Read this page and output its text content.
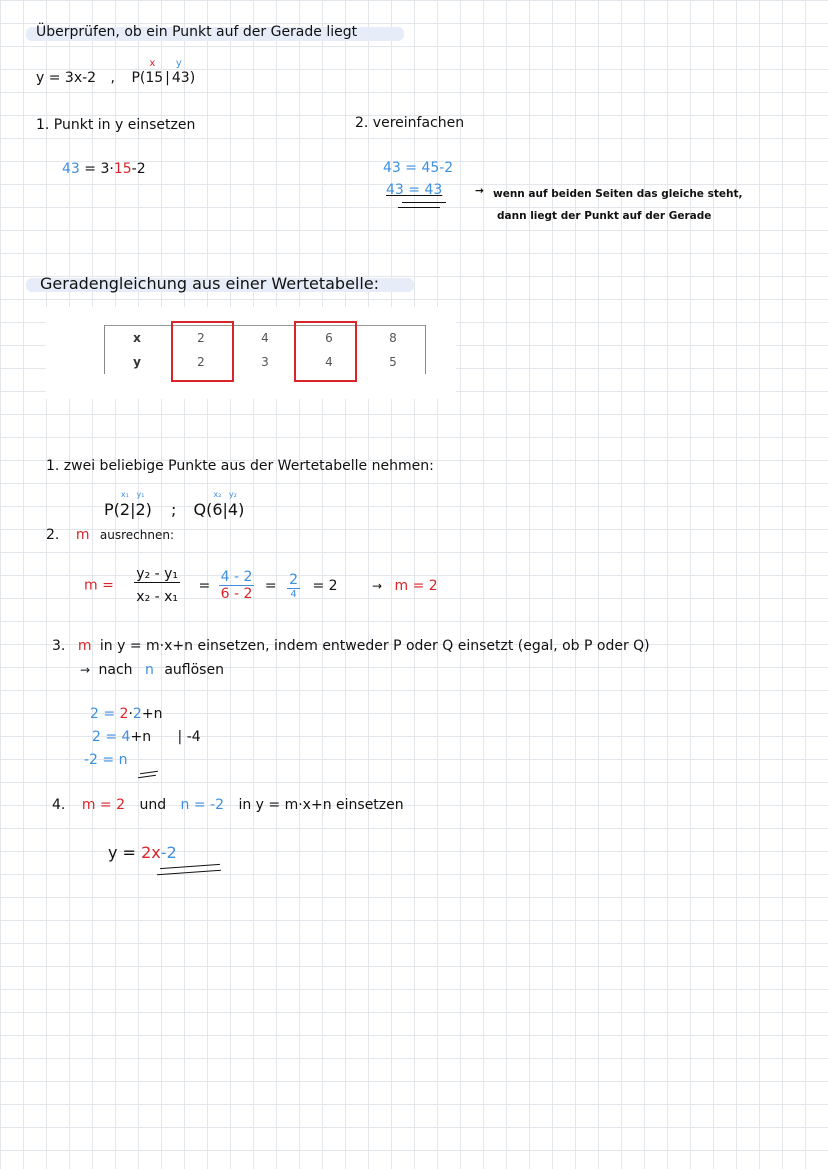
Überprüfen, ob ein Punkt auf der Gerade liegt
y = 3x-2 , P(
x
15 |
y
43)
1. Punkt in y einsetzen
43 = 3·15-2
2. vereinfachen
43 = 45-2
43 = 43	→ wenn auf beiden Seiten das gleiche steht,
dann liegt der Punkt auf der Gerade
Geradengleichung aus einer Wertetabelle:
x	2	4	6	8
y	2	3	4	5
1. zwei beliebige Punkte aus der Wertetabelle nehmen:
P(
x₁
2|
y₁
2) ; Q(
x₂
6|
y₂
4)
2. m ausrechnen:
$m = \frac{\text{y₂ - y₁}}{\text{x₂ - x₁}} = \frac{4 - 2}{6 - 2} = \frac{2}{4} = 2$	→ m = 2
3. m in y = m·x+n einsetzen, indem entweder P oder Q einsetzt (egal, ob P oder Q)
→ nach n auflösen
2 = 2·2+n
2 = 4+n | -4
-2 = n
4. m = 2 und n = -2 in y = m·x+n einsetzen
y = 2x-2
